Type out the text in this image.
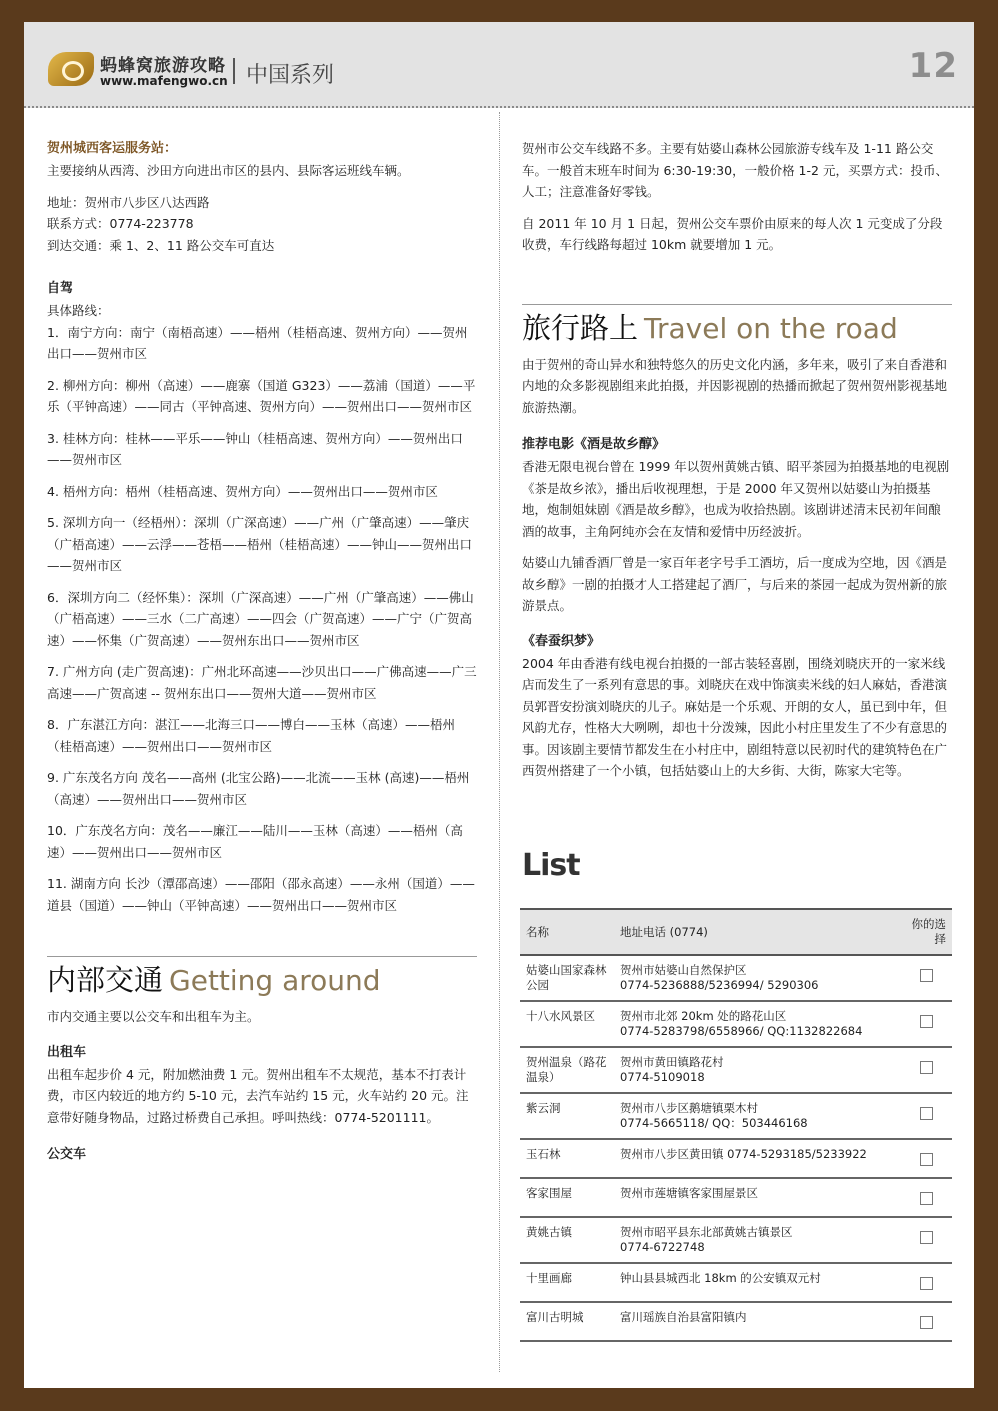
蚂蜂窝旅游攻略
www.mafengwo.cn 中国系列	12

贺州城西客运服务站：

主要接纳从西湾、沙田方向进出市区的县内、县际客运班线车辆。

地址：贺州市八步区八达西路

联系方式：0774-223778

到达交通：乘 1、2、11 路公交车可直达

自驾

具体路线：

1．南宁方向：南宁（南梧高速）——梧州（桂梧高速、贺州方向）——贺州出口——贺州市区

2. 柳州方向：柳州（高速）——鹿寨（国道 G323）——荔浦（国道）——平乐（平钟高速）——同古（平钟高速、贺州方向）——贺州出口——贺州市区

3. 桂林方向：桂林——平乐——钟山（桂梧高速、贺州方向）——贺州出口——贺州市区

4. 梧州方向：梧州（桂梧高速、贺州方向）——贺州出口——贺州市区

5. 深圳方向一（经梧州）：深圳（广深高速）——广州（广肇高速）——肇庆（广梧高速）——云浮——苍梧——梧州（桂梧高速）——钟山——贺州出口——贺州市区

6．深圳方向二（经怀集）：深圳（广深高速）——广州（广肇高速）——佛山（广梧高速）——三水（二广高速）——四会（广贺高速）——广宁（广贺高速）——怀集（广贺高速）——贺州东出口——贺州市区

7. 广州方向 (走广贺高速)：广州北环高速——沙贝出口——广佛高速——广三高速——广贺高速 -- 贺州东出口——贺州大道——贺州市区

8．广东湛江方向：湛江——北海三口——博白——玉林（高速）——梧州（桂梧高速）——贺州出口——贺州市区

9. 广东茂名方向 茂名——高州 (北宝公路)——北流——玉林 (高速)——梧州（高速）——贺州出口——贺州市区

10．广东茂名方向：茂名——廉江——陆川——玉林（高速）——梧州（高速）——贺州出口——贺州市区

11. 湖南方向 长沙（潭邵高速）——邵阳（邵永高速）——永州（国道）——道县（国道）——钟山（平钟高速）——贺州出口——贺州市区

内部交通 Getting around

市内交通主要以公交车和出租车为主。

出租车

出租车起步价 4 元，附加燃油费 1 元。贺州出租车不太规范，基本不打表计费，市区内较近的地方约 5-10 元，去汽车站约 15 元，火车站约 20 元。注意带好随身物品，过路过桥费自己承担。呼叫热线：0774-5201111。

公交车

贺州市公交车线路不多。主要有姑婆山森林公园旅游专线车及 1-11 路公交车。一般首末班车时间为 6:30-19:30，一般价格 1-2 元，买票方式：投币、人工；注意准备好零钱。

自 2011 年 10 月 1 日起，贺州公交车票价由原来的每人次 1 元变成了分段收费，车行线路每超过 10km 就要增加 1 元。

旅行路上 Travel on the road

由于贺州的奇山异水和独特悠久的历史文化内涵，多年来，吸引了来自香港和内地的众多影视剧组来此拍摄，并因影视剧的热播而掀起了贺州贺州影视基地旅游热潮。

推荐电影《酒是故乡醇》

香港无限电视台曾在 1999 年以贺州黄姚古镇、昭平茶园为拍摄基地的电视剧《茶是故乡浓》，播出后收视理想，于是 2000 年又贺州以姑婆山为拍摄基地，炮制姐妹剧《酒是故乡醇》，也成为收拾热剧。该剧讲述清末民初年间酿酒的故事，主角阿纯亦会在友情和爱情中历经波折。

姑婆山九铺香酒厂曾是一家百年老字号手工酒坊，后一度成为空地，因《酒是故乡醇》一剧的拍摄才人工搭建起了酒厂，与后来的茶园一起成为贺州新的旅游景点。

《春蚕织梦》

2004 年由香港有线电视台拍摄的一部古装轻喜剧，围绕刘晓庆开的一家米线店而发生了一系列有意思的事。刘晓庆在戏中饰演卖米线的妇人麻姑，香港演员郭晋安扮演刘晓庆的儿子。麻姑是一个乐观、开朗的女人，虽已到中年，但风韵尤存，性格大大咧咧，却也十分泼辣，因此小村庄里发生了不少有意思的事。因该剧主要情节都发生在小村庄中，剧组特意以民初时代的建筑特色在广西贺州搭建了一个小镇，包括姑婆山上的大乡街、大街，陈家大宅等。

List
名称	地址电话 (0774)	你的选择
姑婆山国家森林公园	贺州市姑婆山自然保护区
0774-5236888/5236994/ 5290306	

十八水风景区	贺州市北郊 20km 处的路花山区
0774-5283798/6558966/ QQ:1132822684	

贺州温泉（路花温泉）	贺州市黄田镇路花村
0774-5109018	

紫云洞	贺州市八步区鹅塘镇栗木村
0774-5665118/ QQ：503446168	

玉石林	贺州市八步区黄田镇 0774-5293185/5233922	

客家围屋	贺州市莲塘镇客家围屋景区	

黄姚古镇	贺州市昭平县东北部黄姚古镇景区
0774-6722748	

十里画廊	钟山县县城西北 18km 的公安镇双元村	

富川古明城	富川瑶族自治县富阳镇内	
